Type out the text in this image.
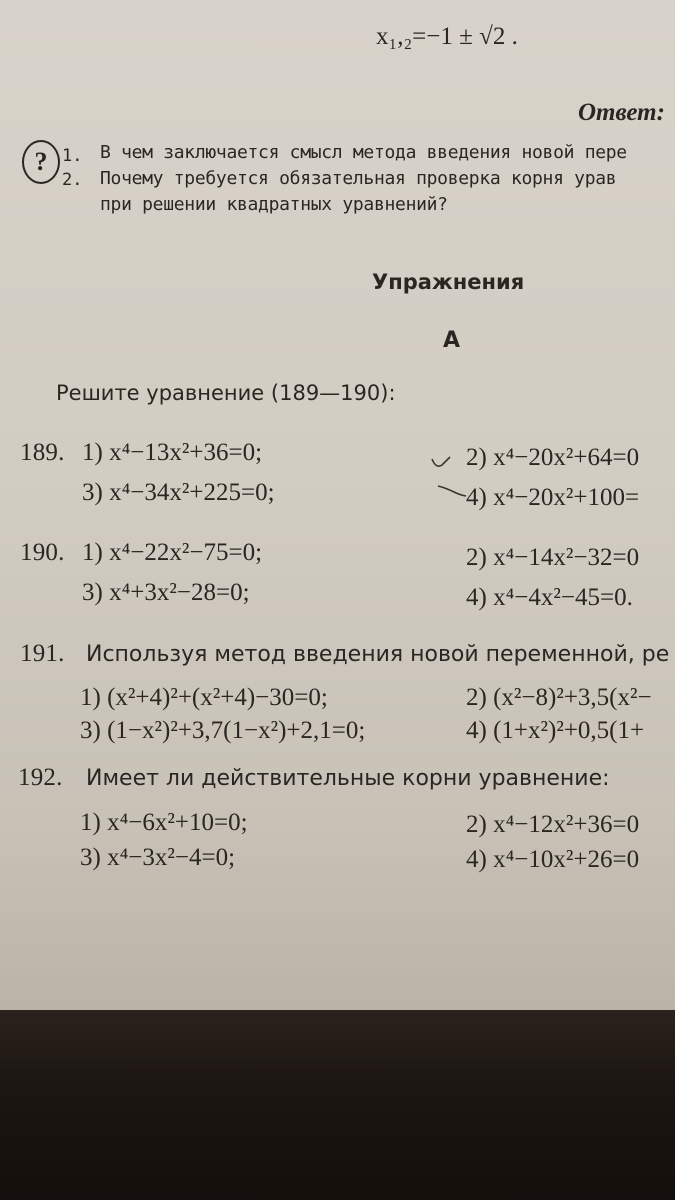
x₁,₂=−1 ± √2 .
Ответ:
? 1. В чем заключается смысл метода введения новой пере
2. Почему требуется обязательная проверка корня урав
при решении квадратных уравнений?
Упражнения
А
Решите уравнение (189—190):
189. 1) x⁴−13x²+36=0;	2) x⁴−20x²+64=0
3) x⁴−34x²+225=0;	4) x⁴−20x²+100=
190. 1) x⁴−22x²−75=0;	2) x⁴−14x²−32=0
3) x⁴+3x²−28=0;	4) x⁴−4x²−45=0.
191. Используя метод введения новой переменной, ре
1) (x²+4)²+(x²+4)−30=0;	2) (x²−8)²+3,5(x²−
3) (1−x²)²+3,7(1−x²)+2,1=0;	4) (1+x²)²+0,5(1+
192. Имеет ли действительные корни уравнение:
1) x⁴−6x²+10=0;	2) x⁴−12x²+36=0
3) x⁴−3x²−4=0;	4) x⁴−10x²+26=0
